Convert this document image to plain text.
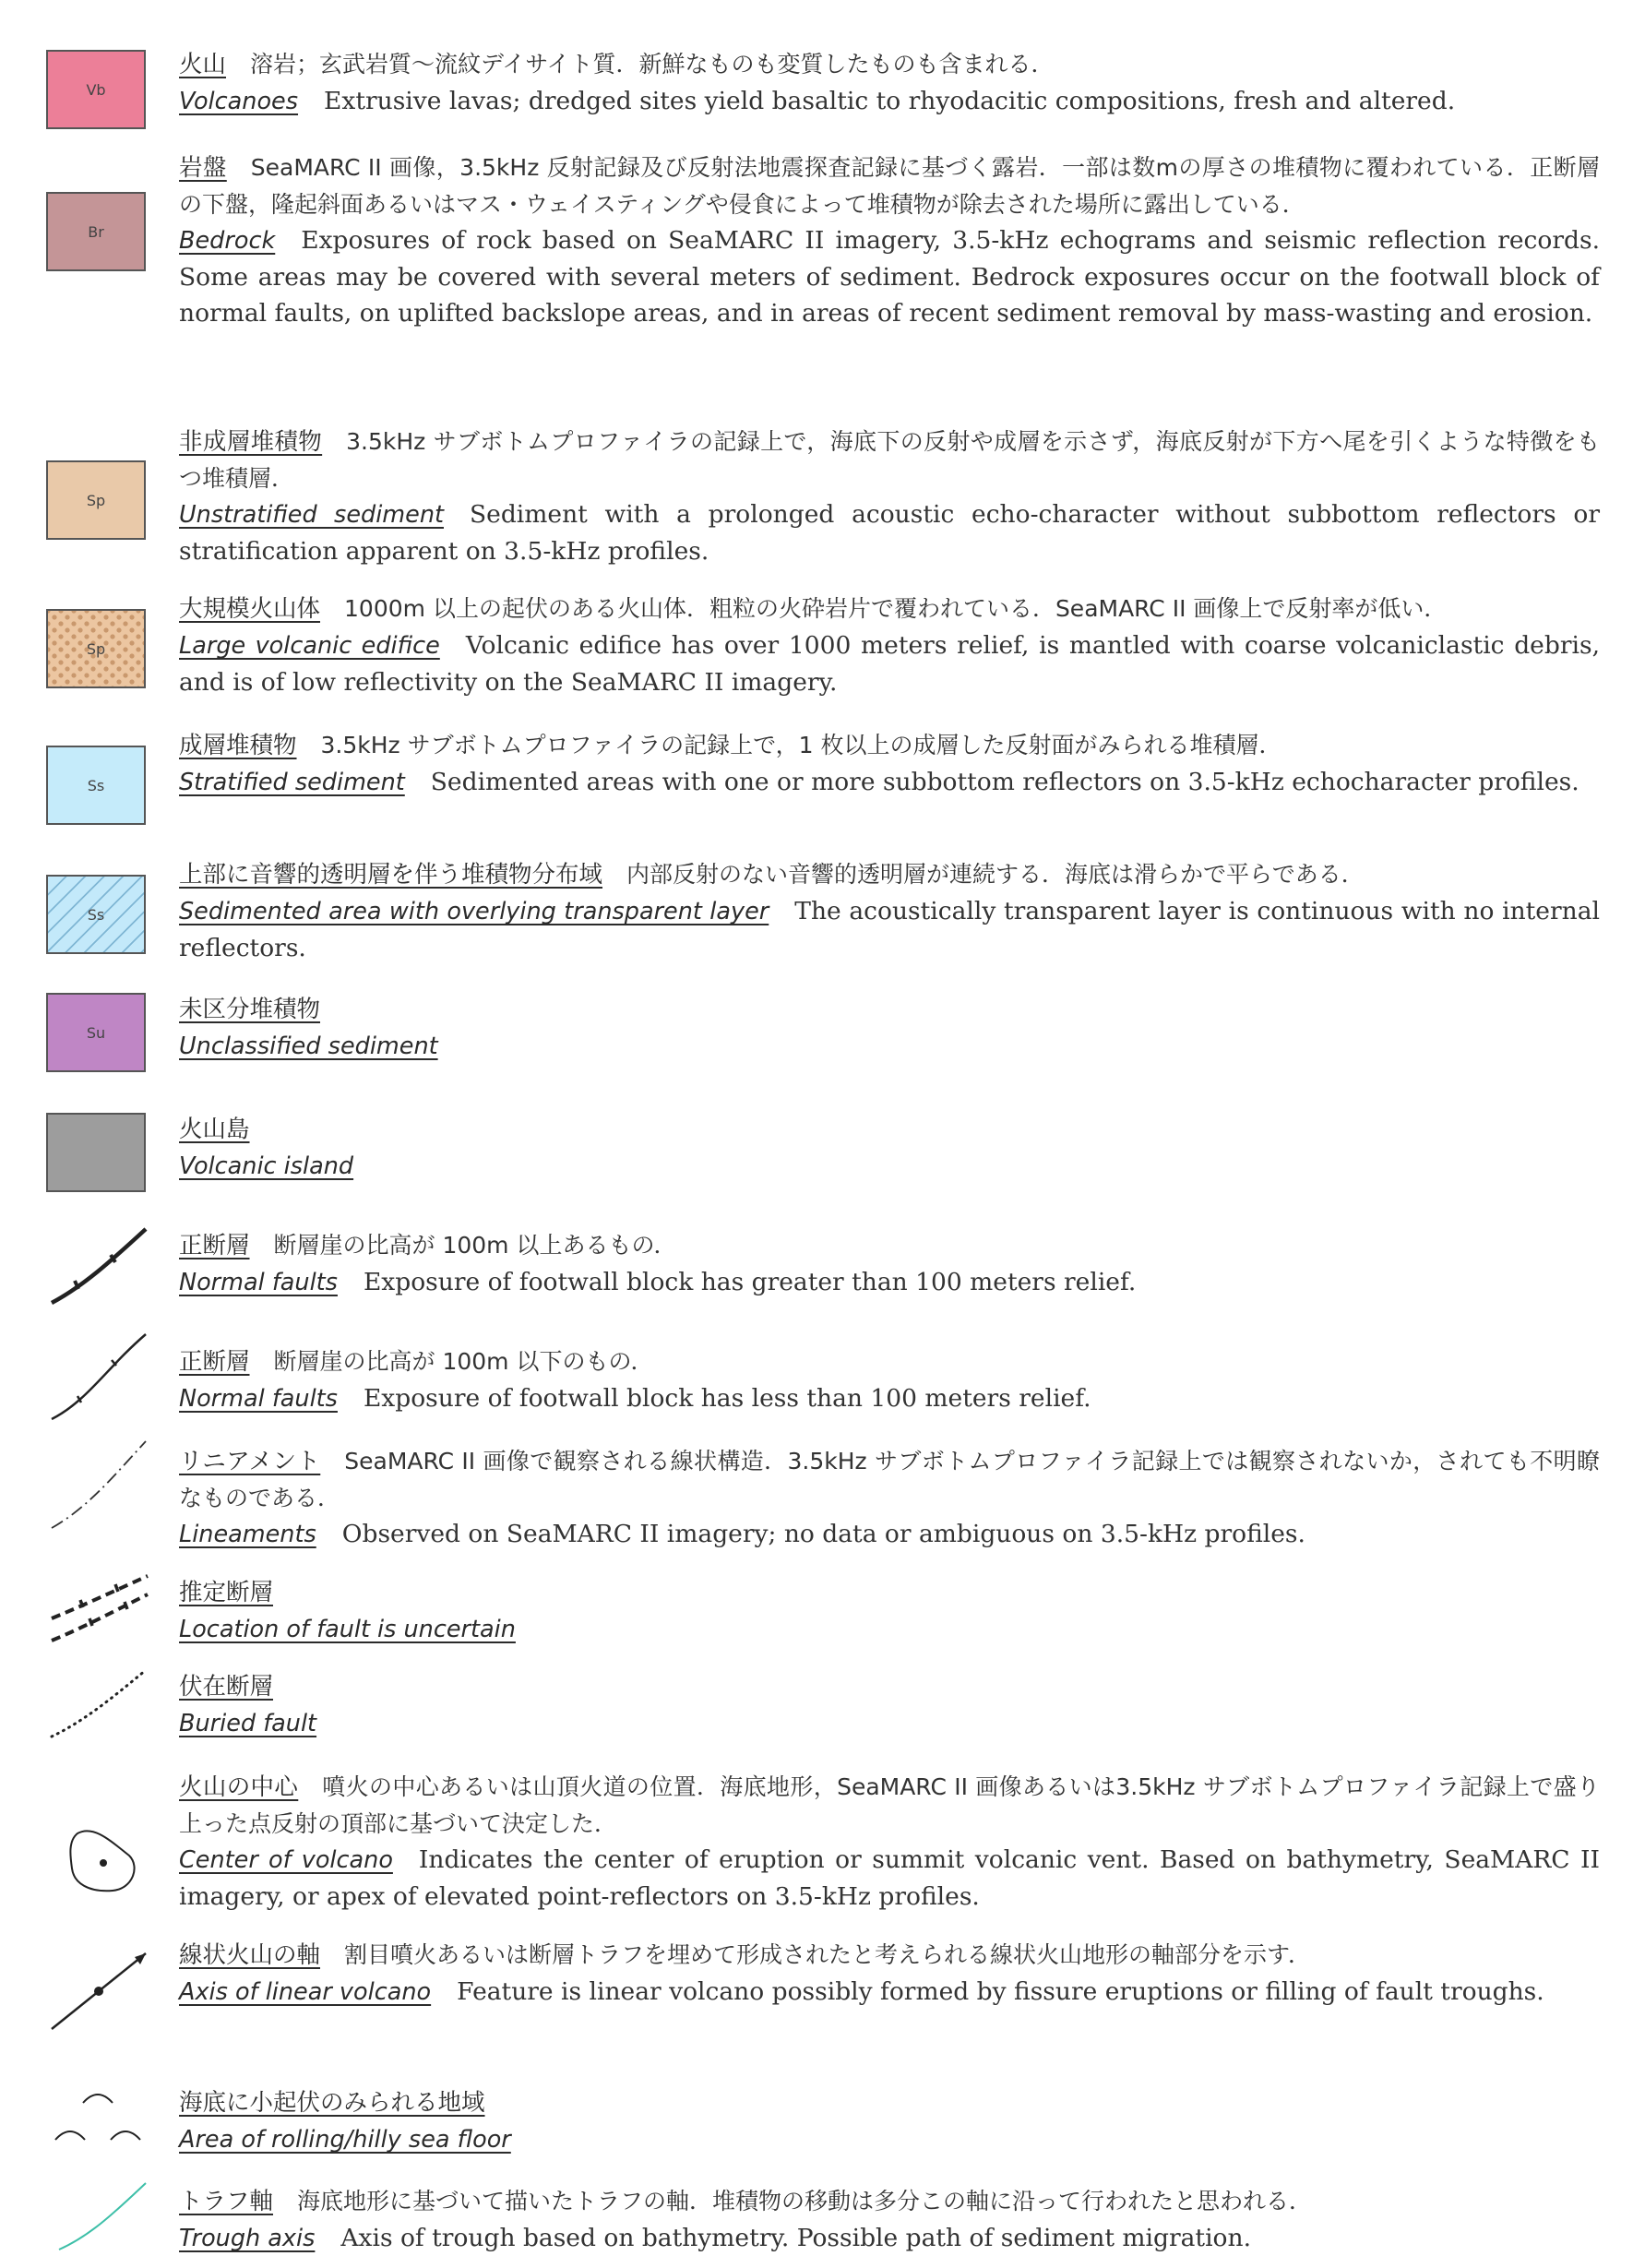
Vb
火山 溶岩；玄武岩質～流紋デイサイト質．新鮮なものも変質したものも含まれる．
Volcanoes Extrusive lavas; dredged sites yield basaltic to rhyodacitic compositions, fresh and altered.
Br
岩盤 SeaMARC II 画像，3.5kHz 反射記録及び反射法地震探査記録に基づく露岩．一部は数mの厚さの堆積物に覆われている．正断層の下盤，隆起斜面あるいはマス・ウェイスティングや侵食によって堆積物が除去された場所に露出している．
Bedrock Exposures of rock based on SeaMARC II imagery, 3.5-kHz echograms and seismic reflection records. Some areas may be covered with several meters of sediment. Bedrock exposures occur on the footwall block of normal faults, on uplifted backslope areas, and in areas of recent sediment removal by mass-wasting and erosion.
Sp
非成層堆積物 3.5kHz サブボトムプロファイラの記録上で，海底下の反射や成層を示さず，海底反射が下方へ尾を引くような特徴をもつ堆積層．
Unstratified sediment Sediment with a prolonged acoustic echo-character without subbottom reflectors or stratification apparent on 3.5-kHz profiles.
Sp
大規模火山体 1000m 以上の起伏のある火山体．粗粒の火砕岩片で覆われている．SeaMARC II 画像上で反射率が低い．
Large volcanic edifice Volcanic edifice has over 1000 meters relief, is mantled with coarse volcaniclastic debris, and is of low reflectivity on the SeaMARC II imagery.
Ss
成層堆積物 3.5kHz サブボトムプロファイラの記録上で，1 枚以上の成層した反射面がみられる堆積層．
Stratified sediment Sedimented areas with one or more subbottom reflectors on 3.5-kHz echocharacter profiles.
Ss
上部に音響的透明層を伴う堆積物分布域 内部反射のない音響的透明層が連続する．海底は滑らかで平らである．
Sedimented area with overlying transparent layer The acoustically transparent layer is continuous with no internal reflectors.
Su
未区分堆積物
Unclassified sediment
火山島
Volcanic island
正断層 断層崖の比高が 100m 以上あるもの．
Normal faults Exposure of footwall block has greater than 100 meters relief.
正断層 断層崖の比高が 100m 以下のもの．
Normal faults Exposure of footwall block has less than 100 meters relief.
リニアメント SeaMARC II 画像で観察される線状構造．3.5kHz サブボトムプロファイラ記録上では観察されないか，されても不明瞭なものである．
Lineaments Observed on SeaMARC II imagery; no data or ambiguous on 3.5-kHz profiles.
推定断層
Location of fault is uncertain
伏在断層
Buried fault
火山の中心 噴火の中心あるいは山頂火道の位置．海底地形，SeaMARC II 画像あるいは3.5kHz サブボトムプロファイラ記録上で盛り上った点反射の頂部に基づいて決定した．
Center of volcano Indicates the center of eruption or summit volcanic vent. Based on bathymetry, SeaMARC II imagery, or apex of elevated point-reflectors on 3.5-kHz profiles.
線状火山の軸 割目噴火あるいは断層トラフを埋めて形成されたと考えられる線状火山地形の軸部分を示す．
Axis of linear volcano Feature is linear volcano possibly formed by fissure eruptions or filling of fault troughs.
海底に小起伏のみられる地域
Area of rolling/hilly sea floor
トラフ軸 海底地形に基づいて描いたトラフの軸．堆積物の移動は多分この軸に沿って行われたと思われる．
Trough axis Axis of trough based on bathymetry. Possible path of sediment migration.
